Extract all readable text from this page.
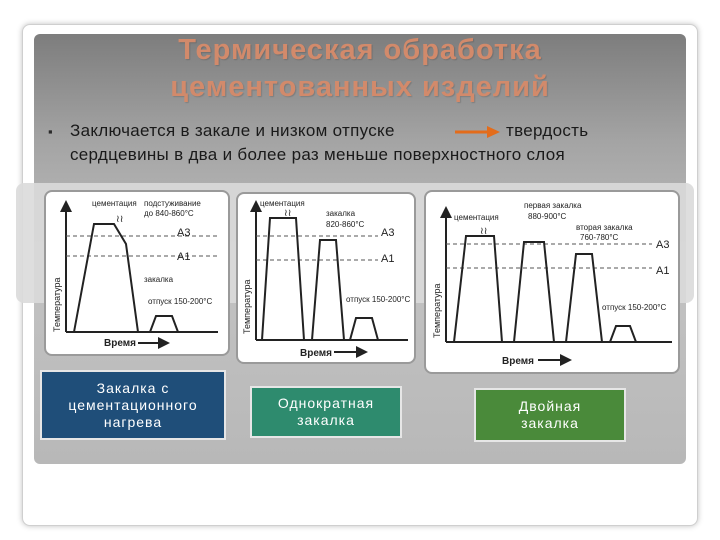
Термическая обработка
цементованных изделий
▪ Заключается в закале и низком отпуске	твердость
сердцевины в два и более раз меньше поверхностного слоя
A3
A1
≀≀
цементация подстуживание
до 840-860°C
закалка
отпуск 150-200°C
Температура
Время
A3
A1
≀≀
цементация
закалка
820-860°C
отпуск 150-200°C
Температура
Время
A3
A1
≀≀
цементация
первая закалка
880-900°C
вторая закалка
760-780°C
отпуск 150-200°C
Температура
Время
Закалка с
цементационного
нагрева
Однократная
закалка
Двойная
закалка
